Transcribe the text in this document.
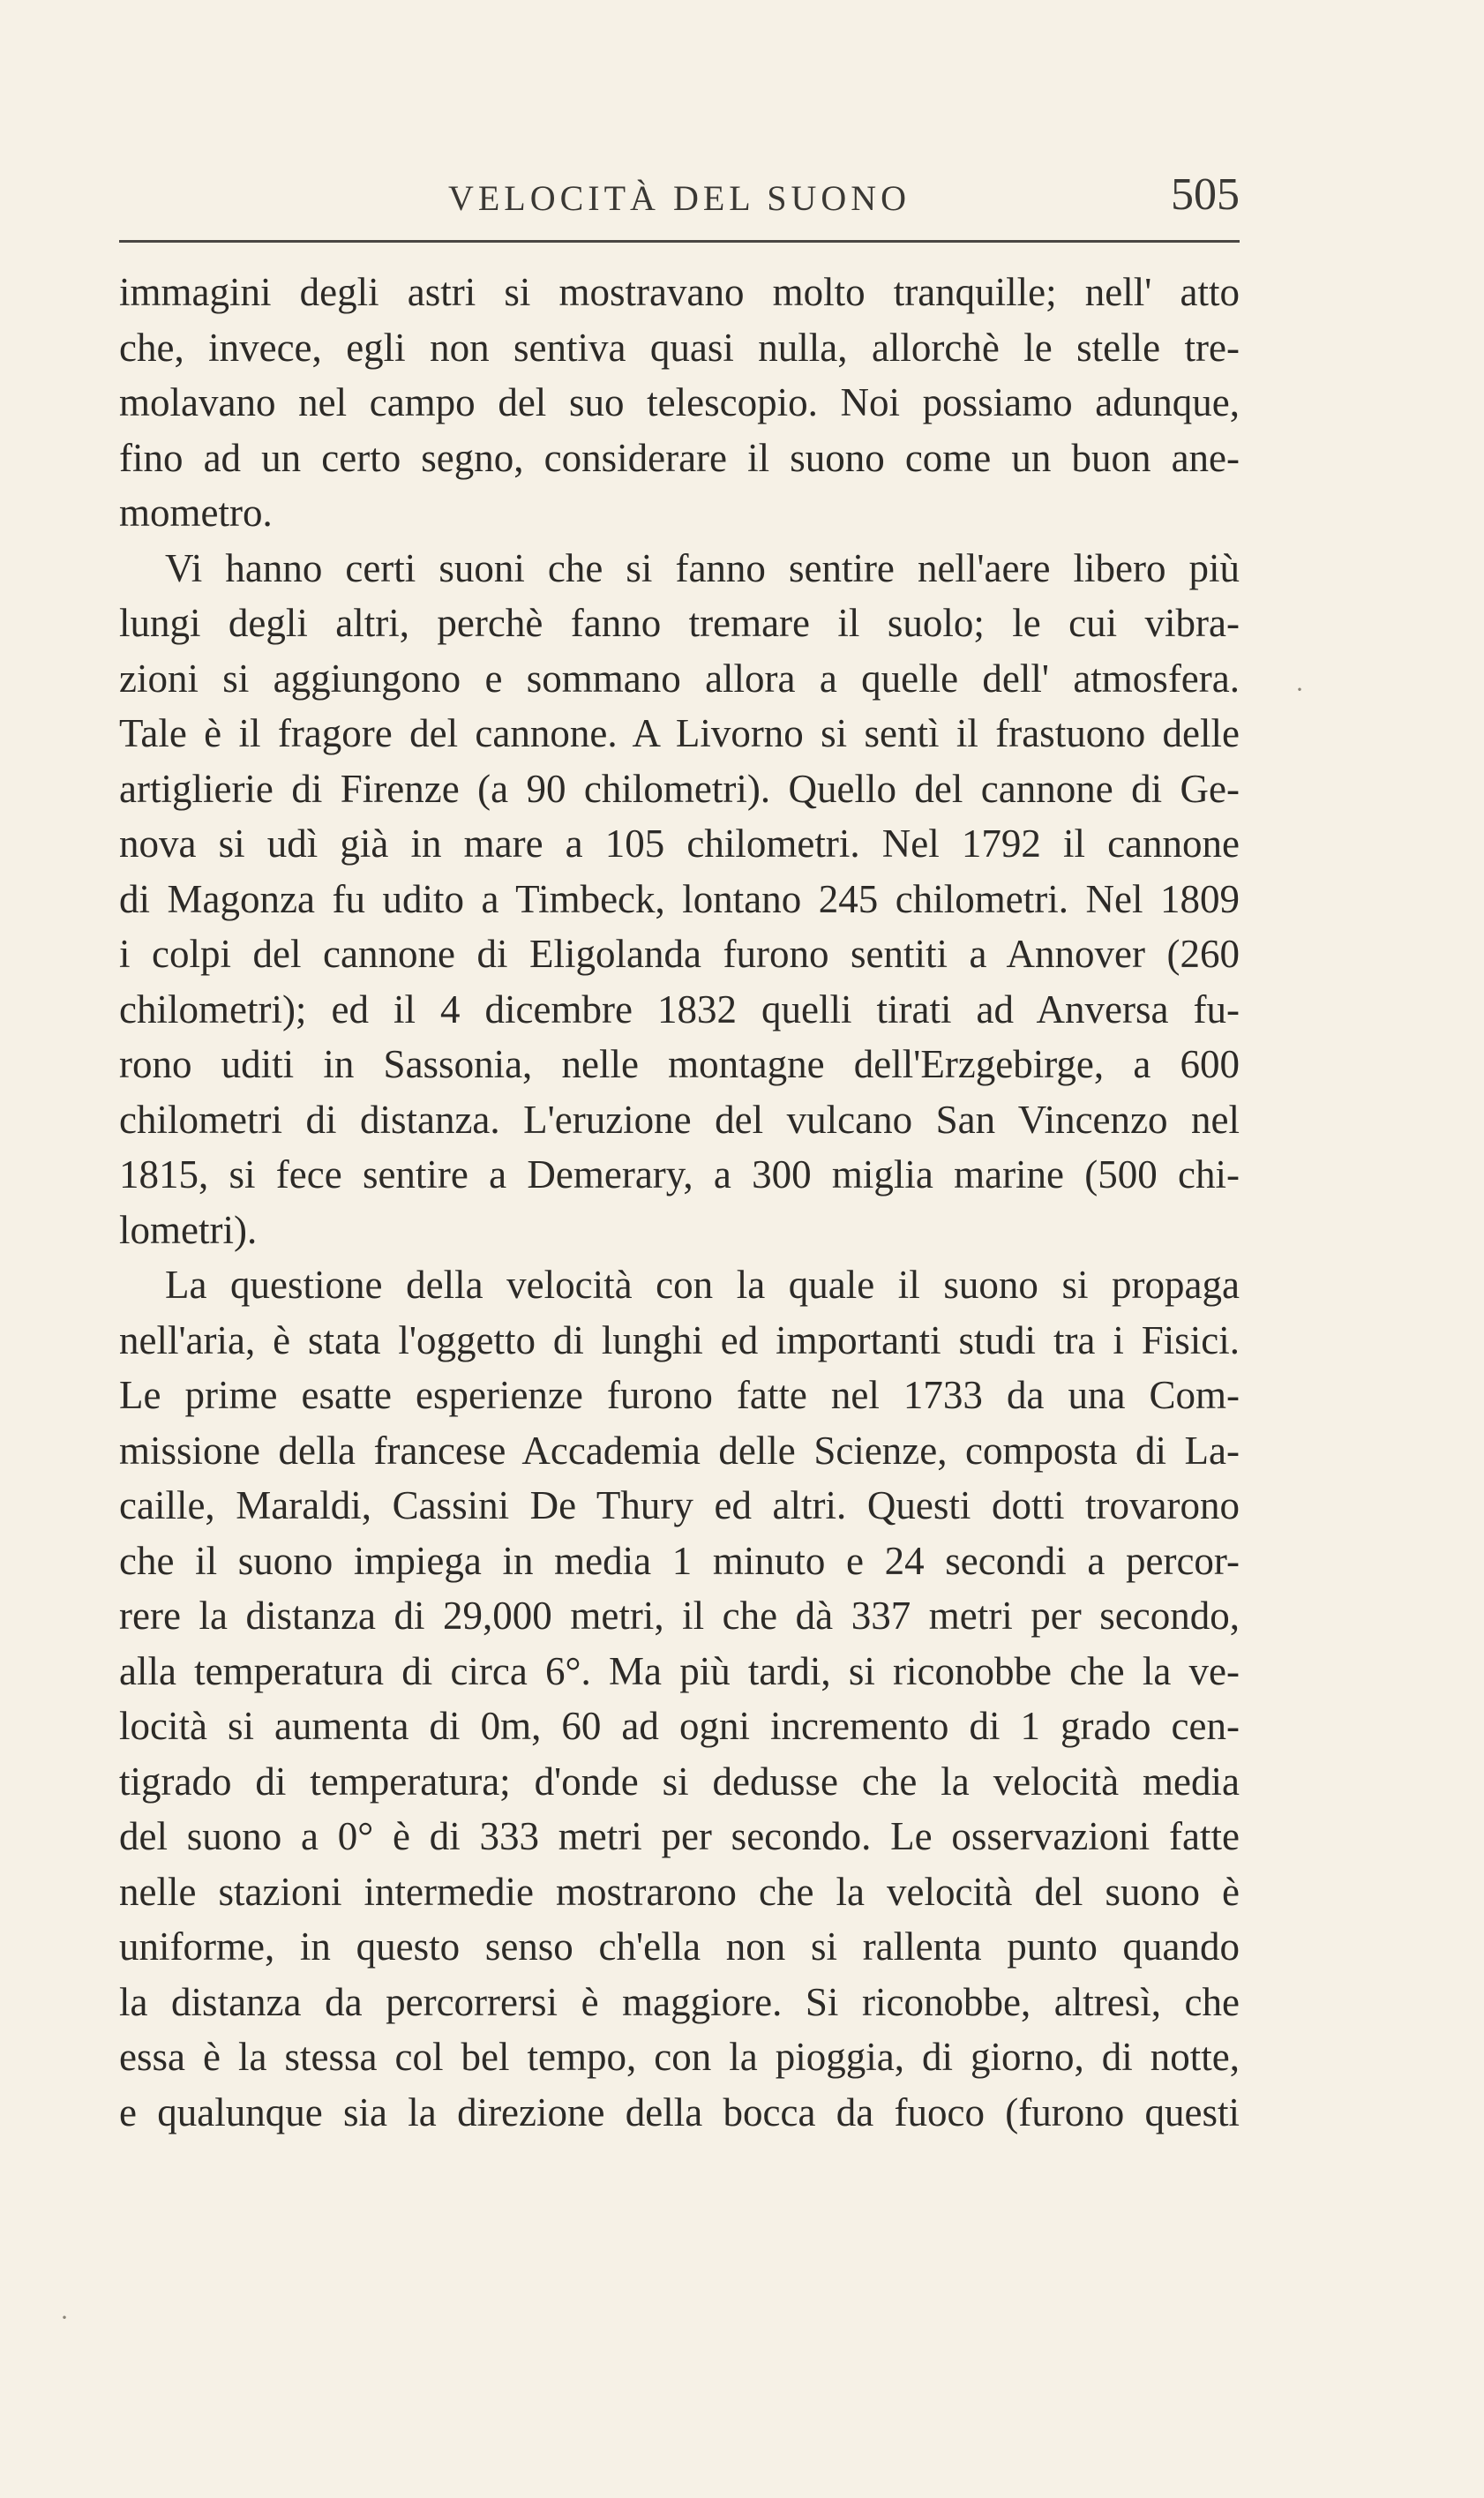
VELOCITÀ DEL SUONO	505
immagini degli astri si mostravano molto tranquille; nell' atto
che, invece, egli non sentiva quasi nulla, allorchè le stelle tre-
molavano nel campo del suo telescopio. Noi possiamo adunque,
fino ad un certo segno, considerare il suono come un buon ane-
mometro.
Vi hanno certi suoni che si fanno sentire nell'aere libero più
lungi degli altri, perchè fanno tremare il suolo; le cui vibra-
zioni si aggiungono e sommano allora a quelle dell' atmosfera.
Tale è il fragore del cannone. A Livorno si sentì il frastuono delle
artiglierie di Firenze (a 90 chilometri). Quello del cannone di Ge-
nova si udì già in mare a 105 chilometri. Nel 1792 il cannone
di Magonza fu udito a Timbeck, lontano 245 chilometri. Nel 1809
i colpi del cannone di Eligolanda furono sentiti a Annover (260
chilometri); ed il 4 dicembre 1832 quelli tirati ad Anversa fu-
rono uditi in Sassonia, nelle montagne dell'Erzgebirge, a 600
chilometri di distanza. L'eruzione del vulcano San Vincenzo nel
1815, si fece sentire a Demerary, a 300 miglia marine (500 chi-
lometri).
La questione della velocità con la quale il suono si propaga
nell'aria, è stata l'oggetto di lunghi ed importanti studi tra i Fisici.
Le prime esatte esperienze furono fatte nel 1733 da una Com-
missione della francese Accademia delle Scienze, composta di La-
caille, Maraldi, Cassini De Thury ed altri. Questi dotti trovarono
che il suono impiega in media 1 minuto e 24 secondi a percor-
rere la distanza di 29,000 metri, il che dà 337 metri per secondo,
alla temperatura di circa 6°. Ma più tardi, si riconobbe che la ve-
locità si aumenta di 0m, 60 ad ogni incremento di 1 grado cen-
tigrado di temperatura; d'onde si dedusse che la velocità media
del suono a 0° è di 333 metri per secondo. Le osservazioni fatte
nelle stazioni intermedie mostrarono che la velocità del suono è
uniforme, in questo senso ch'ella non si rallenta punto quando
la distanza da percorrersi è maggiore. Si riconobbe, altresì, che
essa è la stessa col bel tempo, con la pioggia, di giorno, di notte,
e qualunque sia la direzione della bocca da fuoco (furono questi
·
·
